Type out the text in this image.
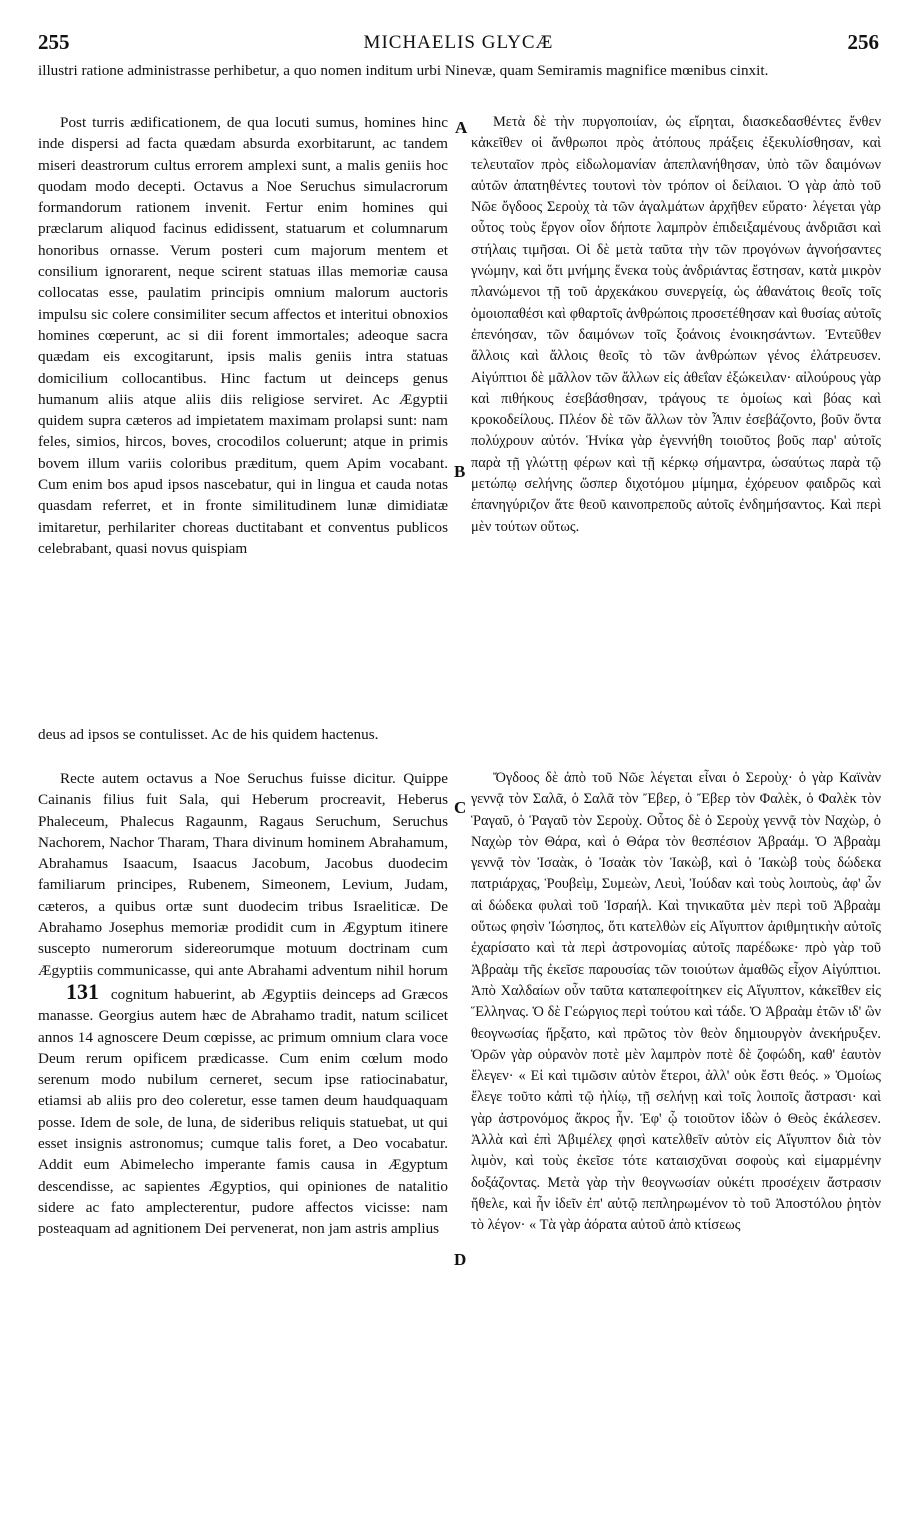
255	MICHAELIS GLYCÆ	256

illustri ratione administrasse perhibetur, a quo nomen inditum urbi Ninevæ, quam Semiramis magnifice mœnibus cinxit.

Post turris ædificationem, de qua locuti sumus, homines hinc inde dispersi ad facta quædam absurda exorbitarunt, ac tandem miseri deastrorum cultus errorem amplexi sunt, a malis geniis hoc quodam modo decepti. Octavus a Noe Seruchus simulacrorum formandorum rationem invenit. Fertur enim homines qui præclarum aliquod facinus edidissent, statuarum et columnarum honoribus ornasse. Verum posteri cum majorum mentem et consilium ignorarent, neque scirent statuas illas memoriæ causa collocatas esse, paulatim principis omnium malorum auctoris impulsu sic colere consimiliter secum affectos et interitui obnoxios homines cœperunt, ac si dii forent immortales; adeoque sacra quædam eis excogitarunt, ipsis malis geniis intra statuas domicilium collocantibus. Hinc factum ut deinceps genus humanum aliis atque aliis diis religiose serviret. Ac Ægyptii quidem supra cæteros ad impietatem maximam prolapsi sunt: nam feles, simios, hircos, boves, crocodilos coluerunt; atque in primis bovem illum variis coloribus præditum, quem Apim vocabant. Cum enim bos apud ipsos nascebatur, qui in lingua et cauda notas quasdam referret, et in fronte similitudinem lunæ dimidiatæ imitaretur, perhilariter choreas ductitabant et conventus publicos celebrabant, quasi novus quispiam

Μετὰ δὲ τὴν πυργοποιίαν, ὡς εἴρηται, διασκεδασθέντες ἔνθεν κἀκεῖθεν οἱ ἄνθρωποι πρὸς ἀτόπους πράξεις ἐξεκυλίσθησαν, καὶ τελευταῖον πρὸς εἰδωλομανίαν ἀπεπλανήθησαν, ὑπὸ τῶν δαιμόνων αὐτῶν ἀπατηθέντες τουτονὶ τὸν τρόπον οἱ δείλαιοι. Ὁ γὰρ ἀπὸ τοῦ Νῶε ὄγδοος Σεροὺχ τὰ τῶν ἀγαλμάτων ἀρχῆθεν εὕρατο· λέγεται γὰρ οὗτος τοὺς ἔργον οἷον δήποτε λαμπρὸν ἐπιδειξαμένους ἀνδριᾶσι καὶ στήλαις τιμῆσαι. Οἱ δὲ μετὰ ταῦτα τὴν τῶν προγόνων ἀγνοήσαντες γνώμην, καὶ ὅτι μνήμης ἕνεκα τοὺς ἀνδριάντας ἔστησαν, κατὰ μικρὸν πλανώμενοι τῇ τοῦ ἀρχεκάκου συνεργείᾳ, ὡς ἀθανάτοις θεοῖς τοῖς ὁμοιοπαθέσι καὶ φθαρτοῖς ἀνθρώποις προσετέθησαν καὶ θυσίας αὐτοῖς ἐπενόησαν, τῶν δαιμόνων τοῖς ξοάνοις ἐνοικησάντων. Ἐντεῦθεν ἄλλοις καὶ ἄλλοις θεοῖς τὸ τῶν ἀνθρώπων γένος ἐλάτρευσεν. Αἰγύπτιοι δὲ μᾶλλον τῶν ἄλλων εἰς ἀθεΐαν ἐξώκειλαν· αἰλούρους γὰρ καὶ πιθήκους ἐσεβάσθησαν, τράγους τε ὁμοίως καὶ βόας καὶ κροκοδείλους. Πλέον δὲ τῶν ἄλλων τὸν Ἆπιν ἐσεβάζοντο, βοῦν ὄντα πολύχρουν αὐτόν. Ἡνίκα γὰρ ἐγεννήθη τοιοῦτος βοῦς παρ' αὐτοῖς παρὰ τῇ γλώττῃ φέρων καὶ τῇ κέρκῳ σήμαντρα, ὡσαύτως παρὰ τῷ μετώπῳ σελήνης ὥσπερ διχοτόμου μίμημα, ἐχόρευον φαιδρῶς καὶ ἐπανηγύριζον ἅτε θεοῦ καινοπρεποῦς αὐτοῖς ἐνδημήσαντος. Καὶ περὶ μὲν τούτων οὕτως.

A
B
C
D

deus ad ipsos se contulisset. Ac de his quidem hactenus.

Recte autem octavus a Noe Seruchus fuisse dicitur. Quippe Cainanis filius fuit Sala, qui Heberum procreavit, Heberus Phaleceum, Phalecus Ragaunm, Ragaus Seruchum, Seruchus Nachorem, Nachor Tharam, Thara divinum hominem Abrahamum, Abrahamus Isaacum, Isaacus Jacobum, Jacobus duodecim familiarum principes, Rubenem, Simeonem, Levium, Judam, cæteros, a quibus ortæ sunt duodecim tribus Israeliticæ. De Abrahamo Josephus memoriæ prodidit cum in Ægyptum itinere suscepto numerorum sidereorumque motuum doctrinam cum Ægyptiis communicasse, qui ante Abrahami adventum nihil horum 131 cognitum habuerint, ab Ægyptiis deinceps ad Græcos manasse. Georgius autem hæc de Abrahamo tradit, natum scilicet annos 14 agnoscere Deum cœpisse, ac primum omnium clara voce Deum rerum opificem prædicasse. Cum enim cœlum modo serenum modo nubilum cerneret, secum ipse ratiocinabatur, etiamsi ab aliis pro deo coleretur, esse tamen deum haudquaquam posse. Idem de sole, de luna, de sideribus reliquis statuebat, ut qui esset insignis astronomus; cumque talis foret, a Deo vocabatur. Addit eum Abimelecho imperante famis causa in Ægyptum descendisse, ac sapientes Ægyptios, qui opiniones de natalitio sidere ac fato amplecterentur, pudore affectos vicisse: nam posteaquam ad agnitionem Dei pervenerat, non jam astris amplius

Ὄγδοος δὲ ἀπὸ τοῦ Νῶε λέγεται εἶναι ὁ Σεροὺχ· ὁ γὰρ Καϊνὰν γεννᾷ τὸν Σαλᾶ, ὁ Σαλᾶ τὸν Ἔβερ, ὁ Ἔβερ τὸν Φαλὲκ, ὁ Φαλὲκ τὸν Ῥαγαῦ, ὁ Ῥαγαῦ τὸν Σεροὺχ. Οὗτος δὲ ὁ Σεροὺχ γεννᾷ τὸν Ναχὼρ, ὁ Ναχὼρ τὸν Θάρα, καὶ ὁ Θάρα τὸν θεσπέσιον Ἀβραάμ. Ὁ Ἀβραὰμ γεννᾷ τὸν Ἰσαὰκ, ὁ Ἰσαὰκ τὸν Ἰακὼβ, καὶ ὁ Ἰακὼβ τοὺς δώδεκα πατριάρχας, Ῥουβεὶμ, Συμεὼν, Λευὶ, Ἰούδαν καὶ τοὺς λοιποὺς, ἀφ' ὧν αἱ δώδεκα φυλαὶ τοῦ Ἰσραήλ. Καὶ τηνικαῦτα μὲν περὶ τοῦ Ἀβραὰμ οὕτως φησὶν Ἰώσηπος, ὅτι κατελθὼν εἰς Αἴγυπτον ἀριθμητικὴν αὐτοῖς ἐχαρίσατο καὶ τὰ περὶ ἀστρονομίας αὐτοῖς παρέδωκε· πρὸ γὰρ τοῦ Ἀβραὰμ τῆς ἐκεῖσε παρουσίας τῶν τοιούτων ἀμαθῶς εἶχον Αἰγύπτιοι. Ἀπὸ Χαλδαίων οὖν ταῦτα καταπεφοίτηκεν εἰς Αἴγυπτον, κἀκεῖθεν εἰς Ἕλληνας. Ὁ δὲ Γεώργιος περὶ τούτου καὶ τάδε. Ὁ Ἀβραὰμ ἐτῶν ιδ' ὢν θεογνωσίας ἤρξατο, καὶ πρῶτος τὸν θεὸν δημιουργὸν ἀνεκήρυξεν. Ὁρῶν γὰρ οὐρανὸν ποτὲ μὲν λαμπρὸν ποτὲ δὲ ζοφώδη, καθ' ἑαυτὸν ἔλεγεν· « Εἰ καὶ τιμῶσιν αὐτὸν ἕτεροι, ἀλλ' οὐκ ἔστι θεός. » Ὁμοίως ἔλεγε τοῦτο κἀπὶ τῷ ἡλίῳ, τῇ σελήνῃ καὶ τοῖς λοιποῖς ἄστρασι· καὶ γὰρ ἀστρονόμος ἄκρος ἦν. Ἐφ' ᾧ τοιοῦτον ἰδὼν ὁ Θεὸς ἐκάλεσεν. Ἀλλὰ καὶ ἐπὶ Ἀβιμέλεχ φησὶ κατελθεῖν αὐτὸν εἰς Αἴγυπτον διὰ τὸν λιμὸν, καὶ τοὺς ἐκεῖσε τότε καταισχῦναι σοφοὺς καὶ εἱμαρμένην δοξάζοντας. Μετὰ γὰρ τὴν θεογνωσίαν οὐκέτι προσέχειν ἄστρασιν ἤθελε, καὶ ἦν ἰδεῖν ἐπ' αὐτῷ πεπληρωμένον τὸ τοῦ Ἀποστόλου ῥητὸν τὸ λέγον· « Τὰ γὰρ ἀόρατα αὐτοῦ ἀπὸ κτίσεως
